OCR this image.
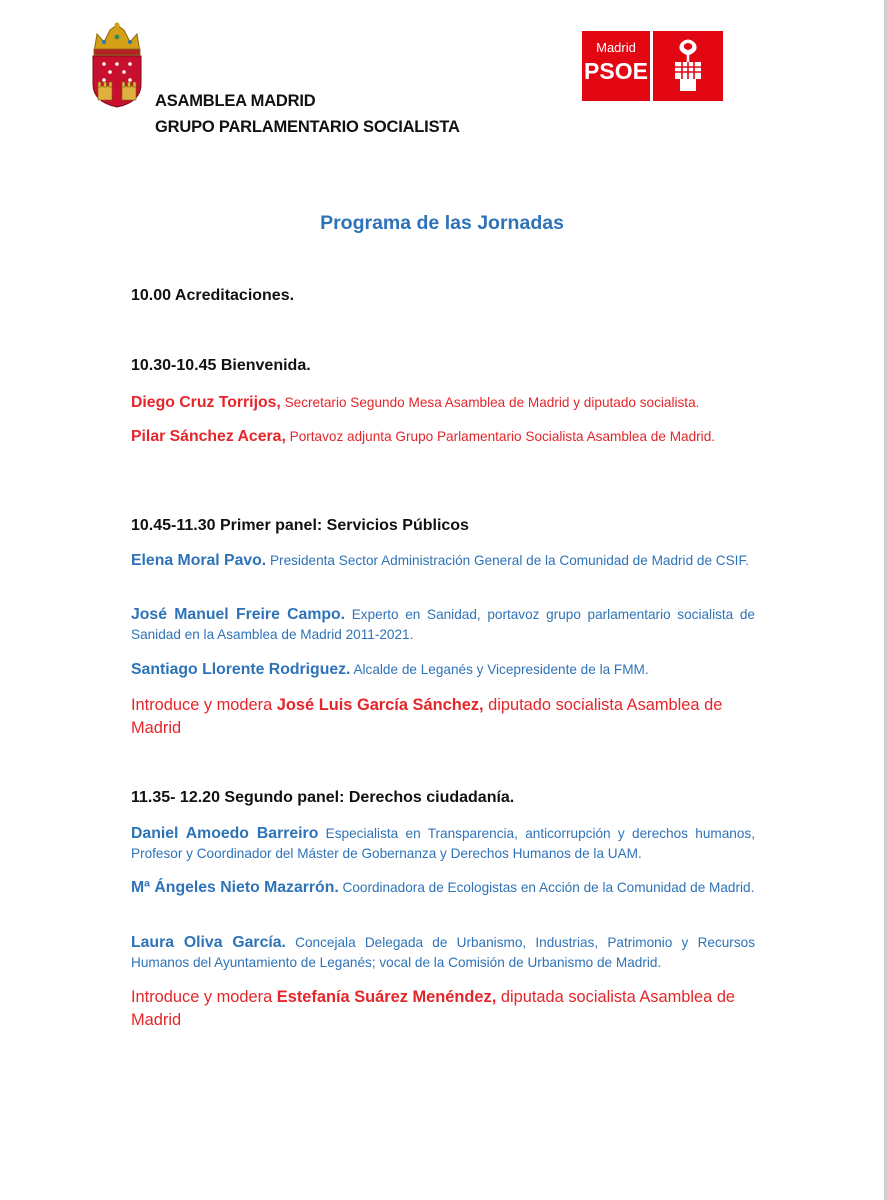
Madrid
PSOE
ASAMBLEA MADRID
GRUPO PARLAMENTARIO SOCIALISTA
Programa de las Jornadas
10.00 Acreditaciones.
10.30-10.45 Bienvenida.
Diego Cruz Torrijos, Secretario Segundo Mesa Asamblea de Madrid y diputado socialista.
Pilar Sánchez Acera, Portavoz adjunta Grupo Parlamentario Socialista Asamblea de Madrid.
10.45-11.30 Primer panel: Servicios Públicos
Elena Moral Pavo. Presidenta Sector Administración General de la Comunidad de Madrid de CSIF.
José Manuel Freire Campo. Experto en Sanidad, portavoz grupo parlamentario socialista de Sanidad en la Asamblea de Madrid 2011-2021.
Santiago Llorente Rodriguez. Alcalde de Leganés y Vicepresidente de la FMM.
Introduce y modera José Luis García Sánchez, diputado socialista Asamblea de Madrid
11.35- 12.20 Segundo panel: Derechos ciudadanía.
Daniel Amoedo Barreiro Especialista en Transparencia, anticorrupción y derechos humanos, Profesor y Coordinador del Máster de Gobernanza y Derechos Humanos de la UAM.
Mª Ángeles Nieto Mazarrón. Coordinadora de Ecologistas en Acción de la Comunidad de Madrid.
Laura Oliva García. Concejala Delegada de Urbanismo, Industrias, Patrimonio y Recursos Humanos del Ayuntamiento de Leganés; vocal de la Comisión de Urbanismo de Madrid.
Introduce y modera Estefanía Suárez Menéndez, diputada socialista Asamblea de Madrid
